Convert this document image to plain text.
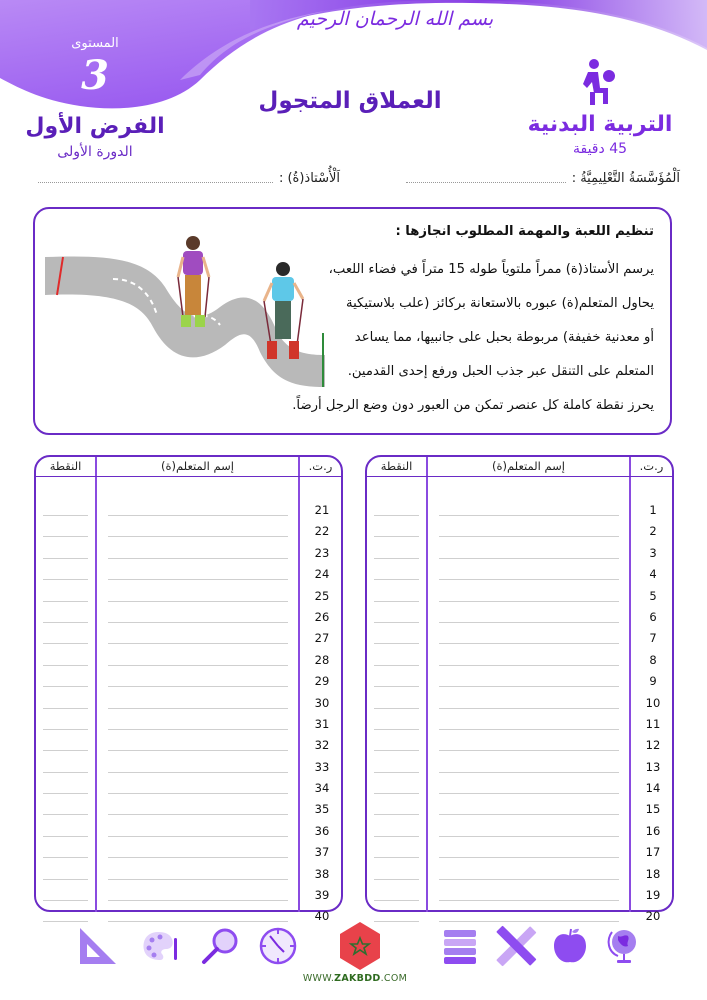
بسم الله الرحمان الرحيم
المستوى
3
الفرض الأول
الدورة الأولى
العملاق المتجول
التربية البدنية
45 دقيقة
اَلْمُؤَسَّسَةُ التَّعْلِيمِيَّةُ :
اَلْأُسْتاذ(ةُ) :
تنظيم اللعبة والمهمة المطلوب انجازها :
يرسم الأستاذ(ة) ممراً ملتوياً طوله 15 متراً في فضاء اللعب،
يحاول المتعلم(ة) عبوره بالاستعانة بركائز (علب بلاستيكية
أو معدنية خفيفة) مربوطة بحبل على جانبيها، مما يساعد
المتعلم على التنقل عبر جذب الحبل ورفع إحدى القدمين.
يحرز نقطة كاملة كل عنصر تمكن من العبور دون وضع الرجل أرضاً.
النقطة	إسم المتعلم(ة)	ر.ت.
21
22
23
24
25
26
27
28
29
30
31
32
33
34
35
36
37
38
39
40
النقطة	إسم المتعلم(ة)	ر.ت.
1
2
3
4
5
6
7
8
9
10
11
12
13
14
15
16
17
18
19
20
WWW.ZAKBDD.COM
